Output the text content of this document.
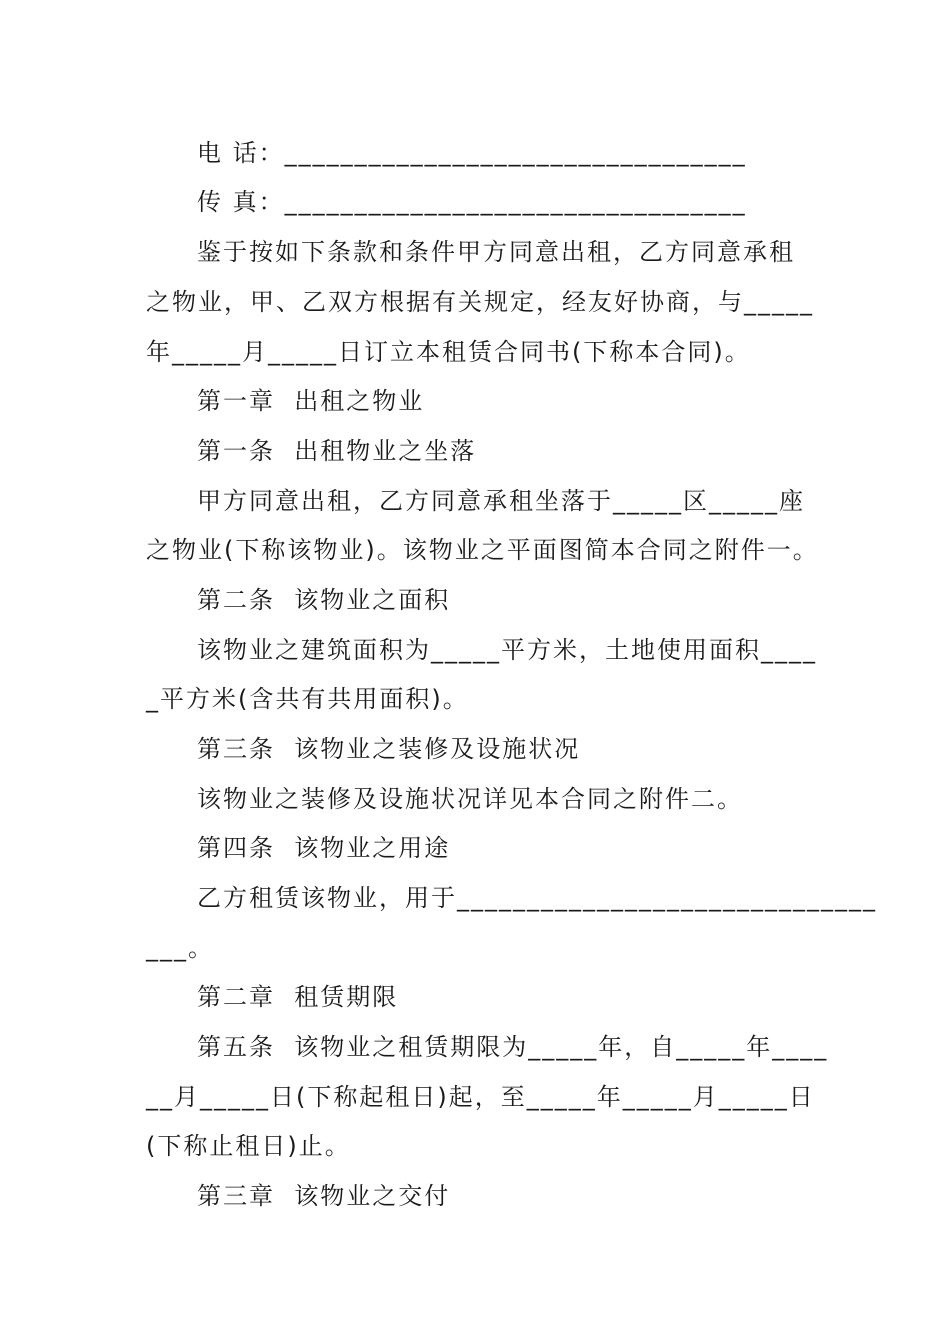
电 话：_________________________________
传 真：_________________________________
鉴于按如下条款和条件甲方同意出租，乙方同意承租
之物业，甲、乙双方根据有关规定，经友好协商，与_____
年_____月_____日订立本租赁合同书(下称本合同)。
第一章  出租之物业
第一条  出租物业之坐落
甲方同意出租，乙方同意承租坐落于_____区_____座
之物业(下称该物业)。该物业之平面图简本合同之附件一。
第二条  该物业之面积
该物业之建筑面积为_____平方米，土地使用面积____
_平方米(含共有共用面积)。
第三条  该物业之装修及设施状况
该物业之装修及设施状况详见本合同之附件二。
第四条  该物业之用途
乙方租赁该物业，用于______________________________
___。
第二章  租赁期限
第五条  该物业之租赁期限为_____年，自_____年____
__月_____日(下称起租日)起，至_____年_____月_____日
(下称止租日)止。
第三章  该物业之交付
